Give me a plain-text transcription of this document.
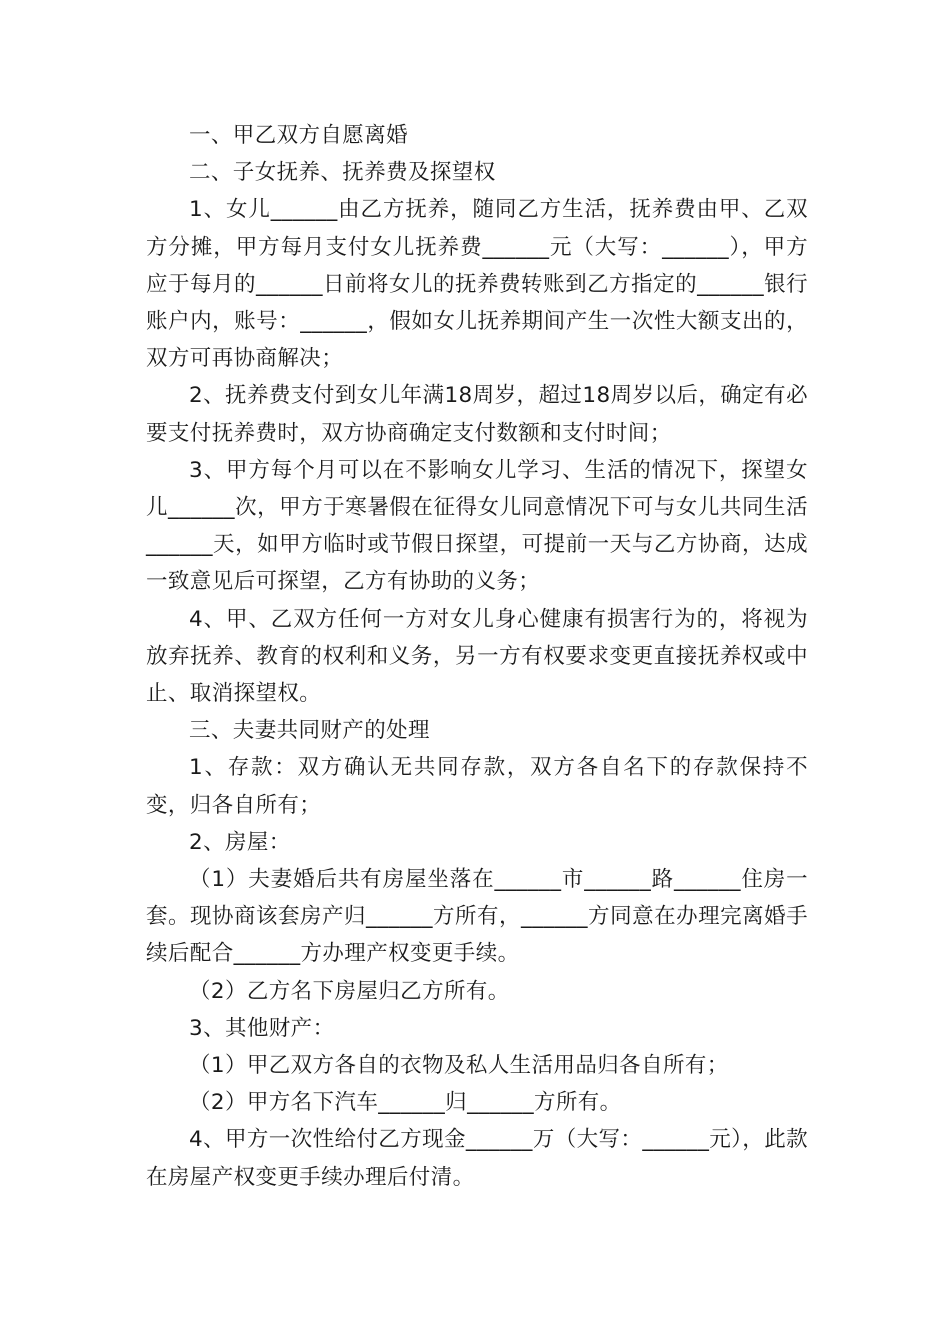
一、甲乙双方自愿离婚

二、子女抚养、抚养费及探望权

1、女儿______由乙方抚养，随同乙方生活，抚养费由甲、乙双方分摊，甲方每月支付女儿抚养费______元（大写：______），甲方应于每月的______日前将女儿的抚养费转账到乙方指定的______银行账户内，账号：______，假如女儿抚养期间产生一次性大额支出的，双方可再协商解决；

2、抚养费支付到女儿年满18周岁，超过18周岁以后，确定有必要支付抚养费时，双方协商确定支付数额和支付时间；

3、甲方每个月可以在不影响女儿学习、生活的情况下，探望女儿______次，甲方于寒暑假在征得女儿同意情况下可与女儿共同生活______天，如甲方临时或节假日探望，可提前一天与乙方协商，达成一致意见后可探望，乙方有协助的义务；

4、甲、乙双方任何一方对女儿身心健康有损害行为的，将视为放弃抚养、教育的权利和义务，另一方有权要求变更直接抚养权或中止、取消探望权。

三、夫妻共同财产的处理

1、存款：双方确认无共同存款，双方各自名下的存款保持不变，归各自所有；

2、房屋：

（1）夫妻婚后共有房屋坐落在______市______路______住房一套。现协商该套房产归______方所有，______方同意在办理完离婚手续后配合______方办理产权变更手续。

（2）乙方名下房屋归乙方所有。

3、其他财产：

（1）甲乙双方各自的衣物及私人生活用品归各自所有；

（2）甲方名下汽车______归______方所有。

4、甲方一次性给付乙方现金______万（大写：______元），此款在房屋产权变更手续办理后付清。
